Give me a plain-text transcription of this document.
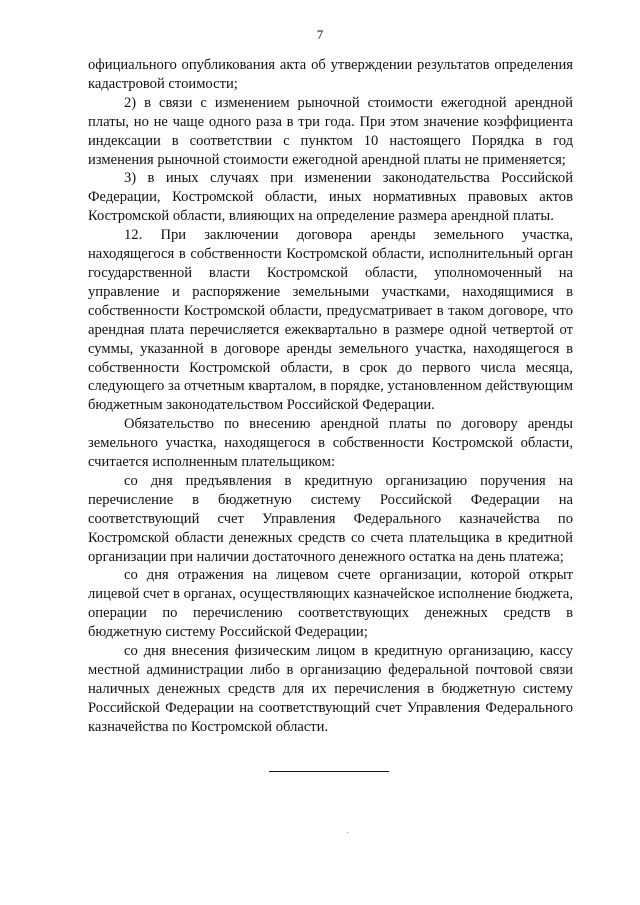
7

официального опубликования акта об утверждении результатов определения кадастровой стоимости;

2) в связи с изменением рыночной стоимости ежегодной арендной платы, но не чаще одного раза в три года. При этом значение коэффициента индексации в соответствии с пунктом 10 настоящего Порядка в год изменения рыночной стоимости ежегодной арендной платы не применяется;

3) в иных случаях при изменении законодательства Российской Федерации, Костромской области, иных нормативных правовых актов Костромской области, влияющих на определение размера арендной платы.

12. При заключении договора аренды земельного участка, находящегося в собственности Костромской области, исполнительный орган государственной власти Костромской области, уполномоченный на управление и распоряжение земельными участками, находящимися в собственности Костромской области, предусматривает в таком договоре, что арендная плата перечисляется ежеквартально в размере одной четвертой от суммы, указанной в договоре аренды земельного участка, находящегося в собственности Костромской области, в срок до первого числа месяца, следующего за отчетным кварталом, в порядке, установленном действующим бюджетным законодательством Российской Федерации.

Обязательство по внесению арендной платы по договору аренды земельного участка, находящегося в собственности Костромской области, считается исполненным плательщиком:

со дня предъявления в кредитную организацию поручения на перечисление в бюджетную систему Российской Федерации на соответствующий счет Управления Федерального казначейства по Костромской области денежных средств со счета плательщика в кредитной организации при наличии достаточного денежного остатка на день платежа;

со дня отражения на лицевом счете организации, которой открыт лицевой счет в органах, осуществляющих казначейское исполнение бюджета, операции по перечислению соответствующих денежных средств в бюджетную систему Российской Федерации;

со дня внесения физическим лицом в кредитную организацию, кассу местной администрации либо в организацию федеральной почтовой связи наличных денежных средств для их перечисления в бюджетную систему Российской Федерации на соответствующий счет Управления Федерального казначейства по Костромской области.
